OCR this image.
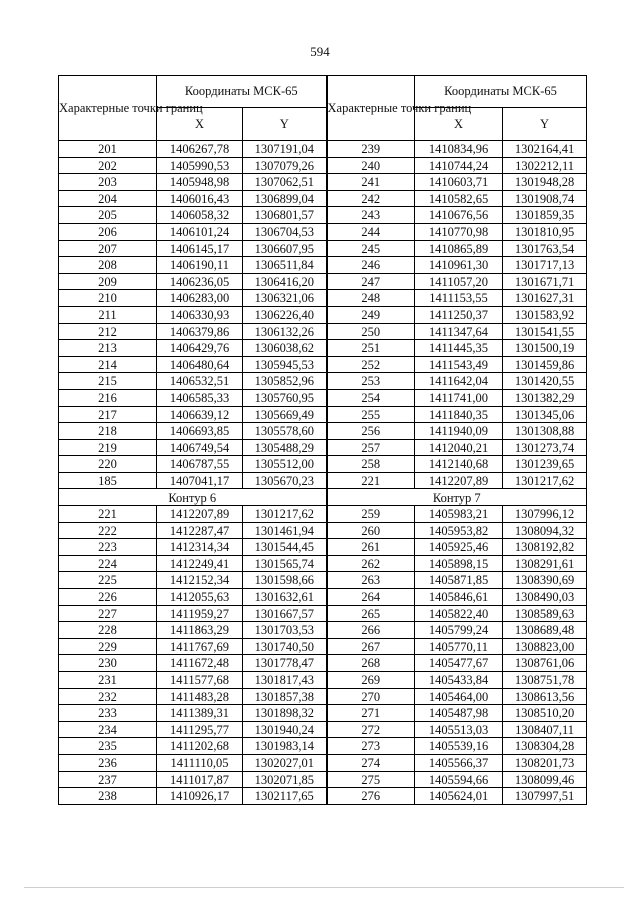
594
Характерные точки границ	Координаты МСК-65		Характерные точки границ	Координаты МСК-65	
	X	Y		X	Y
201	1406267,78	1307191,04	239	1410834,96	1302164,41
202	1405990,53	1307079,26	240	1410744,24	1302212,11
203	1405948,98	1307062,51	241	1410603,71	1301948,28
204	1406016,43	1306899,04	242	1410582,65	1301908,74
205	1406058,32	1306801,57	243	1410676,56	1301859,35
206	1406101,24	1306704,53	244	1410770,98	1301810,95
207	1406145,17	1306607,95	245	1410865,89	1301763,54
208	1406190,11	1306511,84	246	1410961,30	1301717,13
209	1406236,05	1306416,20	247	1411057,20	1301671,71
210	1406283,00	1306321,06	248	1411153,55	1301627,31
211	1406330,93	1306226,40	249	1411250,37	1301583,92
212	1406379,86	1306132,26	250	1411347,64	1301541,55
213	1406429,76	1306038,62	251	1411445,35	1301500,19
214	1406480,64	1305945,53	252	1411543,49	1301459,86
215	1406532,51	1305852,96	253	1411642,04	1301420,55
216	1406585,33	1305760,95	254	1411741,00	1301382,29
217	1406639,12	1305669,49	255	1411840,35	1301345,06
218	1406693,85	1305578,60	256	1411940,09	1301308,88
219	1406749,54	1305488,29	257	1412040,21	1301273,74
220	1406787,55	1305512,00	258	1412140,68	1301239,65
185	1407041,17	1305670,23	221	1412207,89	1301217,62
Контур 6			Контур 7		
221	1412207,89	1301217,62	259	1405983,21	1307996,12
222	1412287,47	1301461,94	260	1405953,82	1308094,32
223	1412314,34	1301544,45	261	1405925,46	1308192,82
224	1412249,41	1301565,74	262	1405898,15	1308291,61
225	1412152,34	1301598,66	263	1405871,85	1308390,69
226	1412055,63	1301632,61	264	1405846,61	1308490,03
227	1411959,27	1301667,57	265	1405822,40	1308589,63
228	1411863,29	1301703,53	266	1405799,24	1308689,48
229	1411767,69	1301740,50	267	1405770,11	1308823,00
230	1411672,48	1301778,47	268	1405477,67	1308761,06
231	1411577,68	1301817,43	269	1405433,84	1308751,78
232	1411483,28	1301857,38	270	1405464,00	1308613,56
233	1411389,31	1301898,32	271	1405487,98	1308510,20
234	1411295,77	1301940,24	272	1405513,03	1308407,11
235	1411202,68	1301983,14	273	1405539,16	1308304,28
236	1411110,05	1302027,01	274	1405566,37	1308201,73
237	1411017,87	1302071,85	275	1405594,66	1308099,46
238	1410926,17	1302117,65	276	1405624,01	1307997,51
